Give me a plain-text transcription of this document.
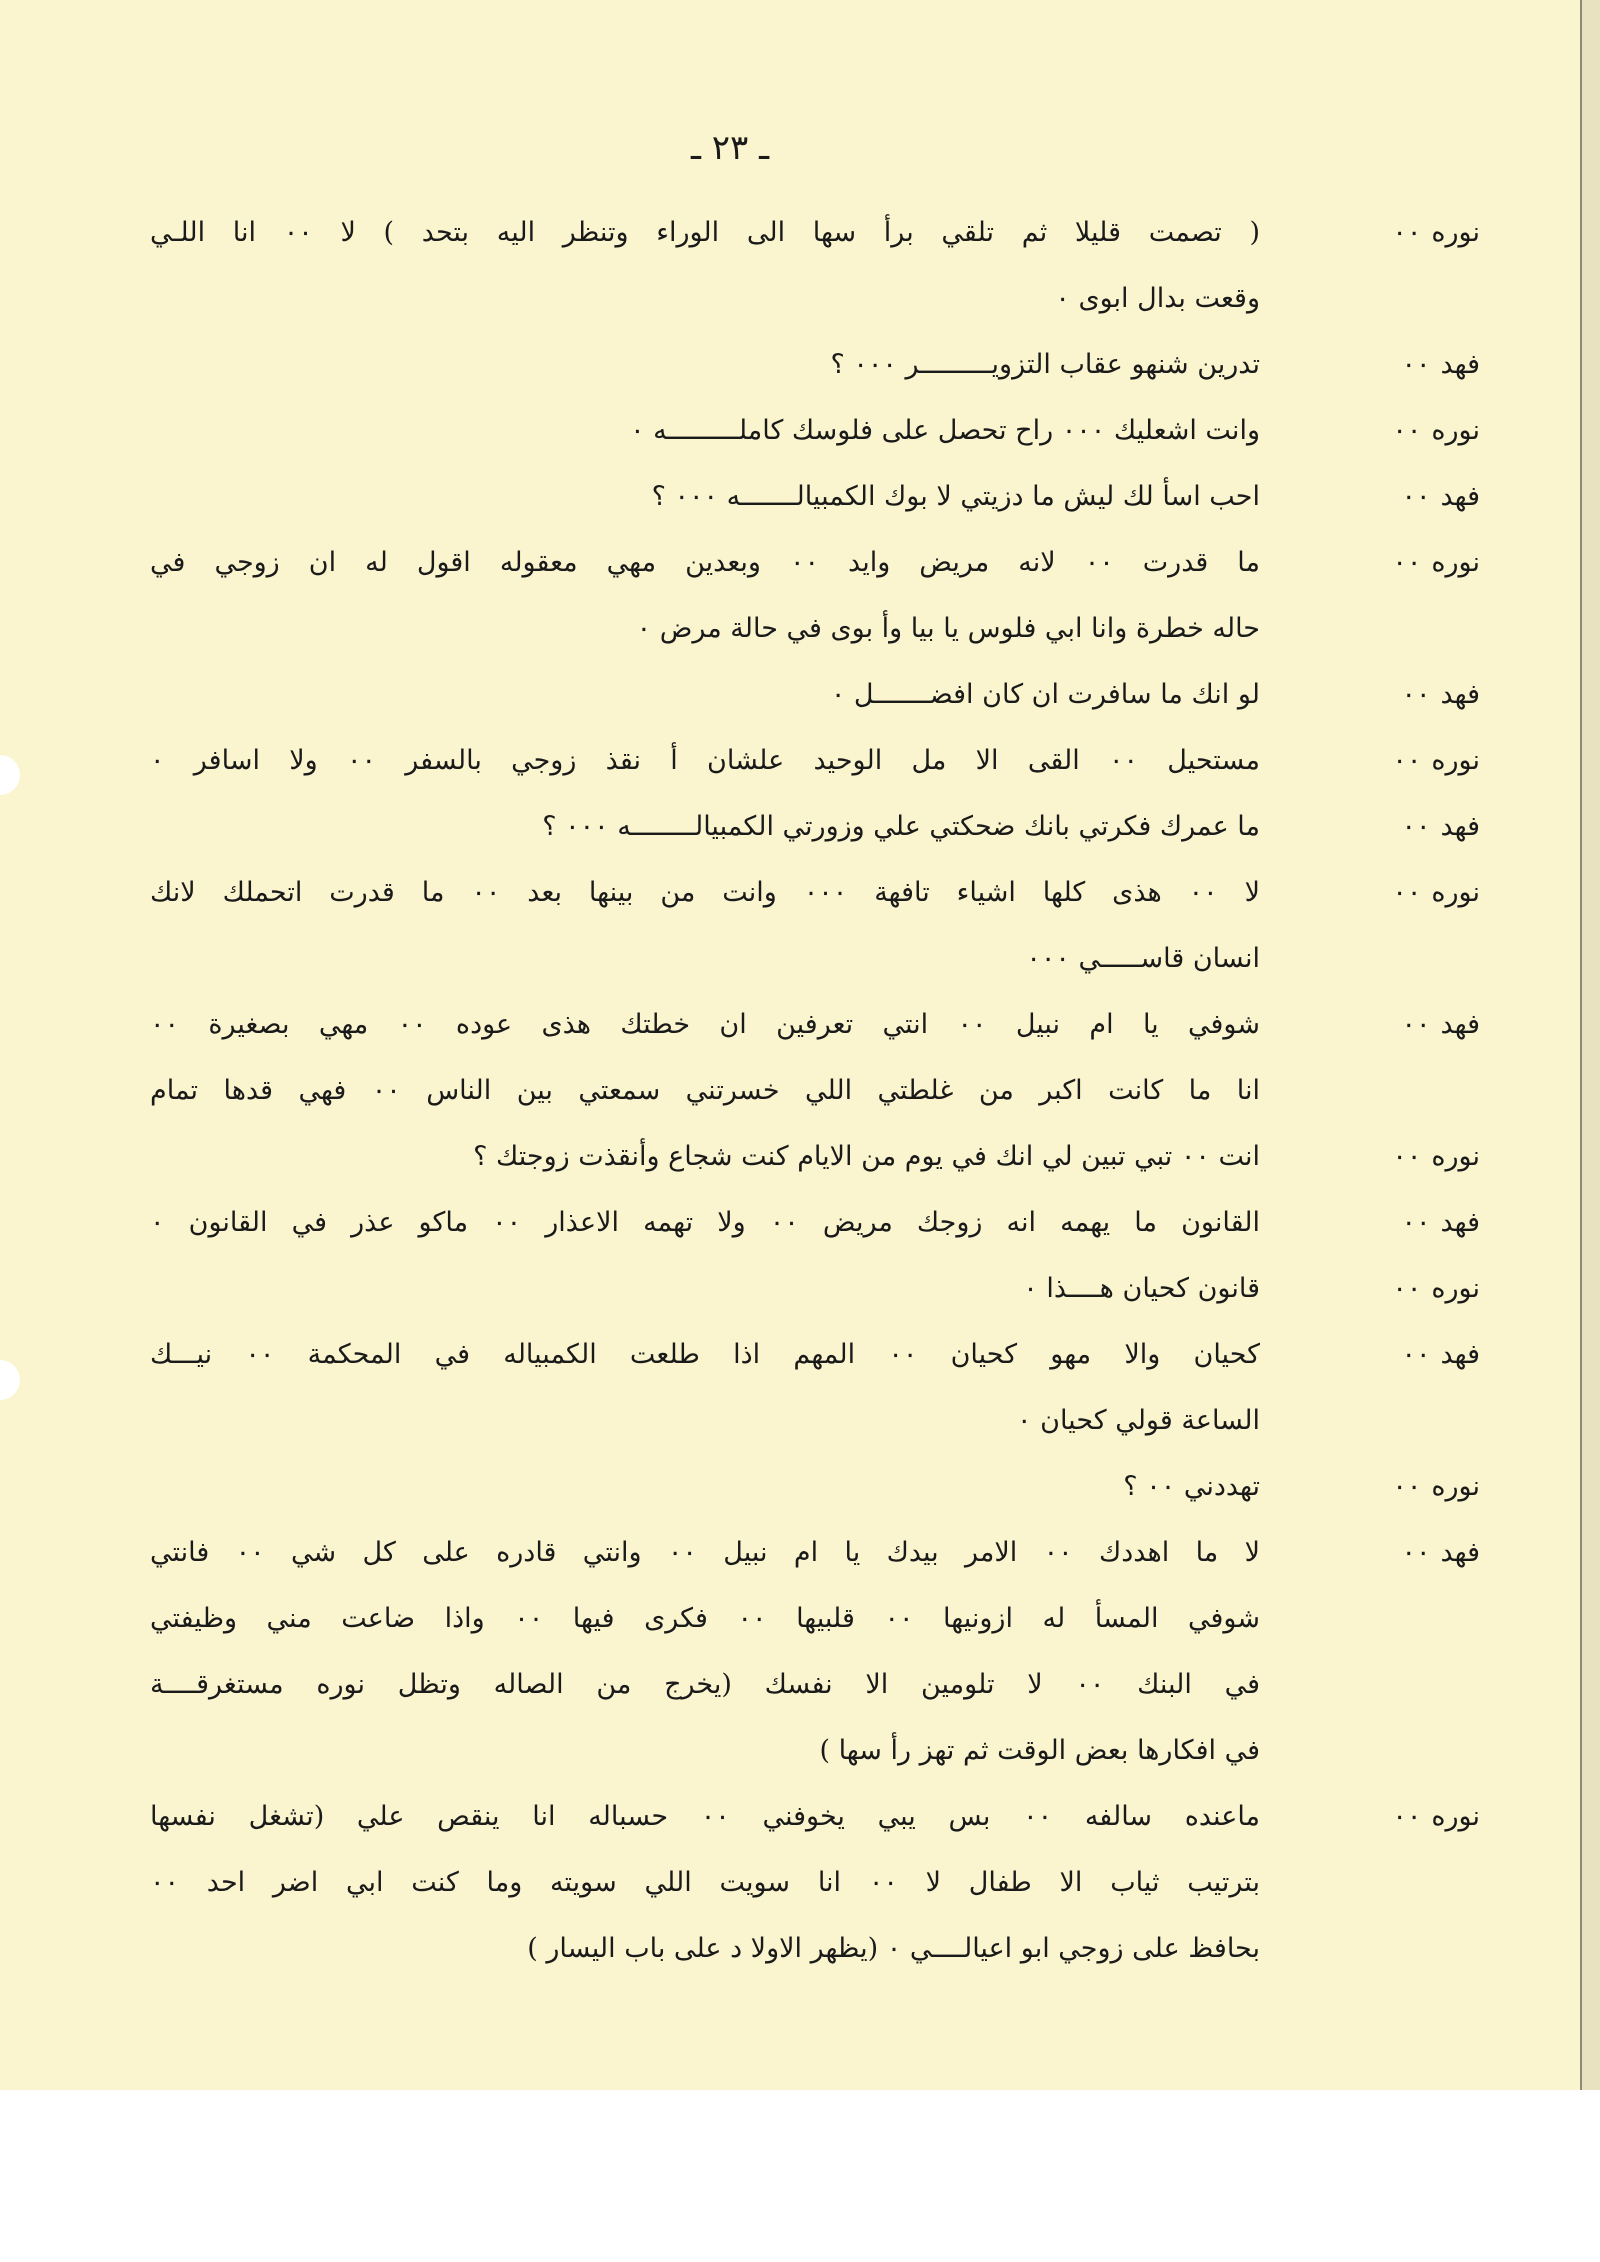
ـ ٢٣ ـ
نوره٠٠
( تصمت قليلا ثم تلقي برأ سها الى الوراء وتنظر اليه بتحد ) لا ٠٠ انا اللـي
وقعت بدال ابوى ٠
فهد٠٠
تدرين شنهو عقاب التزويـــــــــر ٠٠٠ ؟
نوره٠٠
وانت اشعليك ٠٠٠ راح تحصل على فلوسك كاملـــــــــه ٠
فهد٠٠
احب اسأ لك ليش ما دزيتي لا بوك الكمبيالـــــــه ٠٠٠ ؟
نوره٠٠
ما قدرت ٠٠ لانه مريض وايد ٠٠ وبعدين مهي معقوله اقول له ان زوجي في
حاله خطرة وانا ابي فلوس يا بيا وأ بوى في حالة مرض ٠
فهد٠٠
لو انك ما سافرت ان كان افضـــــــل ٠
نوره٠٠
مستحيل ٠٠ القى الا مل الوحيد علشان أ نقذ زوجي بالسفر ٠٠ ولا اسافر ٠
فهد٠٠
ما عمرك فكرتي بانك ضحكتي علي وزورتي الكمبيالــــــــه ٠٠٠ ؟
نوره٠٠
لا ٠٠ هذى كلها اشياء تافهة ٠٠٠ وانت من بينها بعد ٠٠ ما قدرت اتحملك لانك
انسان قاســـــي ٠٠٠
فهد٠٠
شوفي يا ام نبيل ٠٠ انتي تعرفين ان خطتك هذى عوده ٠٠ مهي بصغيرة ٠٠
انا ما كانت اكبر من غلطتي اللي خسرتني سمعتي بين الناس ٠٠ فهي قدها تمام
نوره٠٠
انت ٠٠ تبي تبين لي انك في يوم من الايام كنت شجاع وأنقذت زوجتك ؟
فهد٠٠
القانون ما يهمه انه زوجك مريض ٠٠ ولا تهمه الاعذار ٠٠ ماكو عذر في القانون ٠
نوره٠٠
قانون كحيان هــــذا ٠
فهد٠٠
كحيان والا مهو كحيان ٠٠ المهم اذا طلعت الكمبياله في المحكمة ٠٠ نيـــك
الساعة قولي كحيان ٠
نوره٠٠
تهددني ٠٠ ؟
فهد٠٠
لا ما اهددك ٠٠ الامر بيدك يا ام نبيل ٠٠ وانتي قادره على كل شي ٠٠ فانتي
شوفي المسأ له ازونيها ٠٠ قلبيها ٠٠ فكرى فيها ٠٠ واذا ضاعت مني وظيفتي
في البنك ٠٠ لا تلومين الا نفسك (يخرج من الصاله وتظل نوره مستغرقــــة
في افكارها بعض الوقت ثم تهز رأ سها )
نوره٠٠
ماعنده سالفه ٠٠ بس يبي يخوفني ٠٠ حسباله انا ينقص علي (تشغل نفسها
بترتيب ثياب الا طفال لا ٠٠ انا سويت اللي سويته وما كنت ابي اضر احد ٠٠
بحافظ على زوجي ابو اعيالــــي ٠ (يظهر الاولا د على باب اليسار )
